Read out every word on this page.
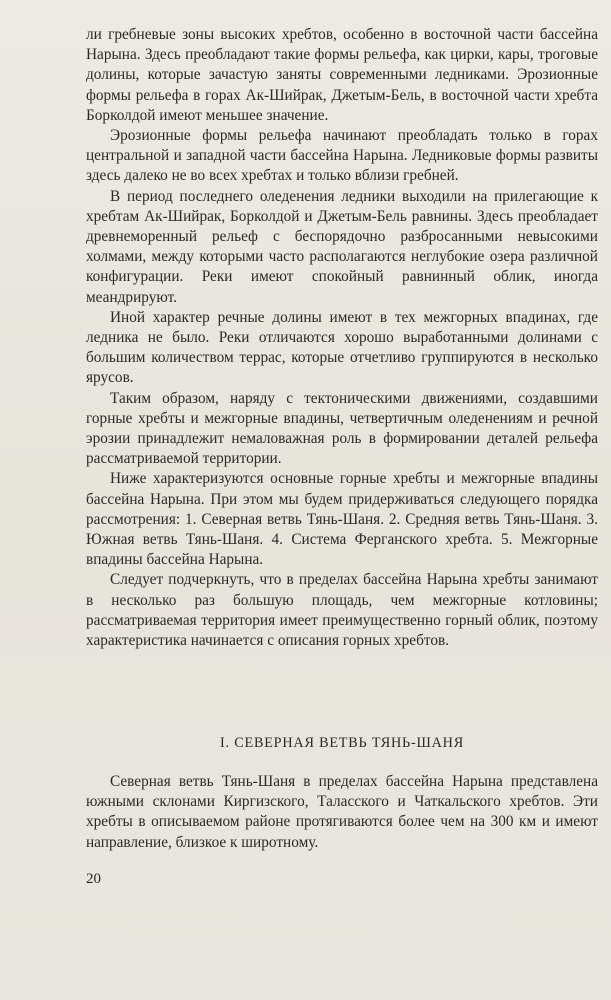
ли гребневые зоны высоких хребтов, особенно в восточной части бассейна Нарына. Здесь преобладают такие формы рельефа, как цирки, кары, троговые долины, которые зачастую заняты современными ледниками. Эрозионные формы рельефа в горах Ак-Шийрак, Джетым-Бель, в восточной части хребта Борколдой имеют меньшее значение.

Эрозионные формы рельефа начинают преобладать только в горах центральной и западной части бассейна Нарына. Ледниковые формы развиты здесь далеко не во всех хребтах и только вблизи гребней.

В период последнего оледенения ледники выходили на прилегающие к хребтам Ак-Шийрак, Борколдой и Джетым-Бель равнины. Здесь преобладает древнеморенный рельеф с беспорядочно разбросанными невысокими холмами, между которыми часто располагаются неглубокие озера различной конфигурации. Реки имеют спокойный равнинный облик, иногда меандрируют.

Иной характер речные долины имеют в тех межгорных впадинах, где ледника не было. Реки отличаются хорошо выработанными долинами с большим количеством террас, которые отчетливо группируются в несколько ярусов.

Таким образом, наряду с тектоническими движениями, создавшими горные хребты и межгорные впадины, четвертичным оледенениям и речной эрозии принадлежит немаловажная роль в формировании деталей рельефа рассматриваемой территории.

Ниже характеризуются основные горные хребты и межгорные впадины бассейна Нарына. При этом мы будем придерживаться следующего порядка рассмотрения: 1. Северная ветвь Тянь-Шаня. 2. Средняя ветвь Тянь-Шаня. 3. Южная ветвь Тянь-Шаня. 4. Система Ферганского хребта. 5. Межгорные впадины бассейна Нарына.

Следует подчеркнуть, что в пределах бассейна Нарына хребты занимают в несколько раз большую площадь, чем межгорные котловины; рассматриваемая территория имеет преимущественно горный облик, поэтому характеристика начинается с описания горных хребтов.

I. СЕВЕРНАЯ ВЕТВЬ ТЯНЬ-ШАНЯ

Северная ветвь Тянь-Шаня в пределах бассейна Нарына представлена южными склонами Киргизского, Таласского и Чаткальского хребтов. Эти хребты в описываемом районе протягиваются более чем на 300 км и имеют направление, близкое к широтному.

20
